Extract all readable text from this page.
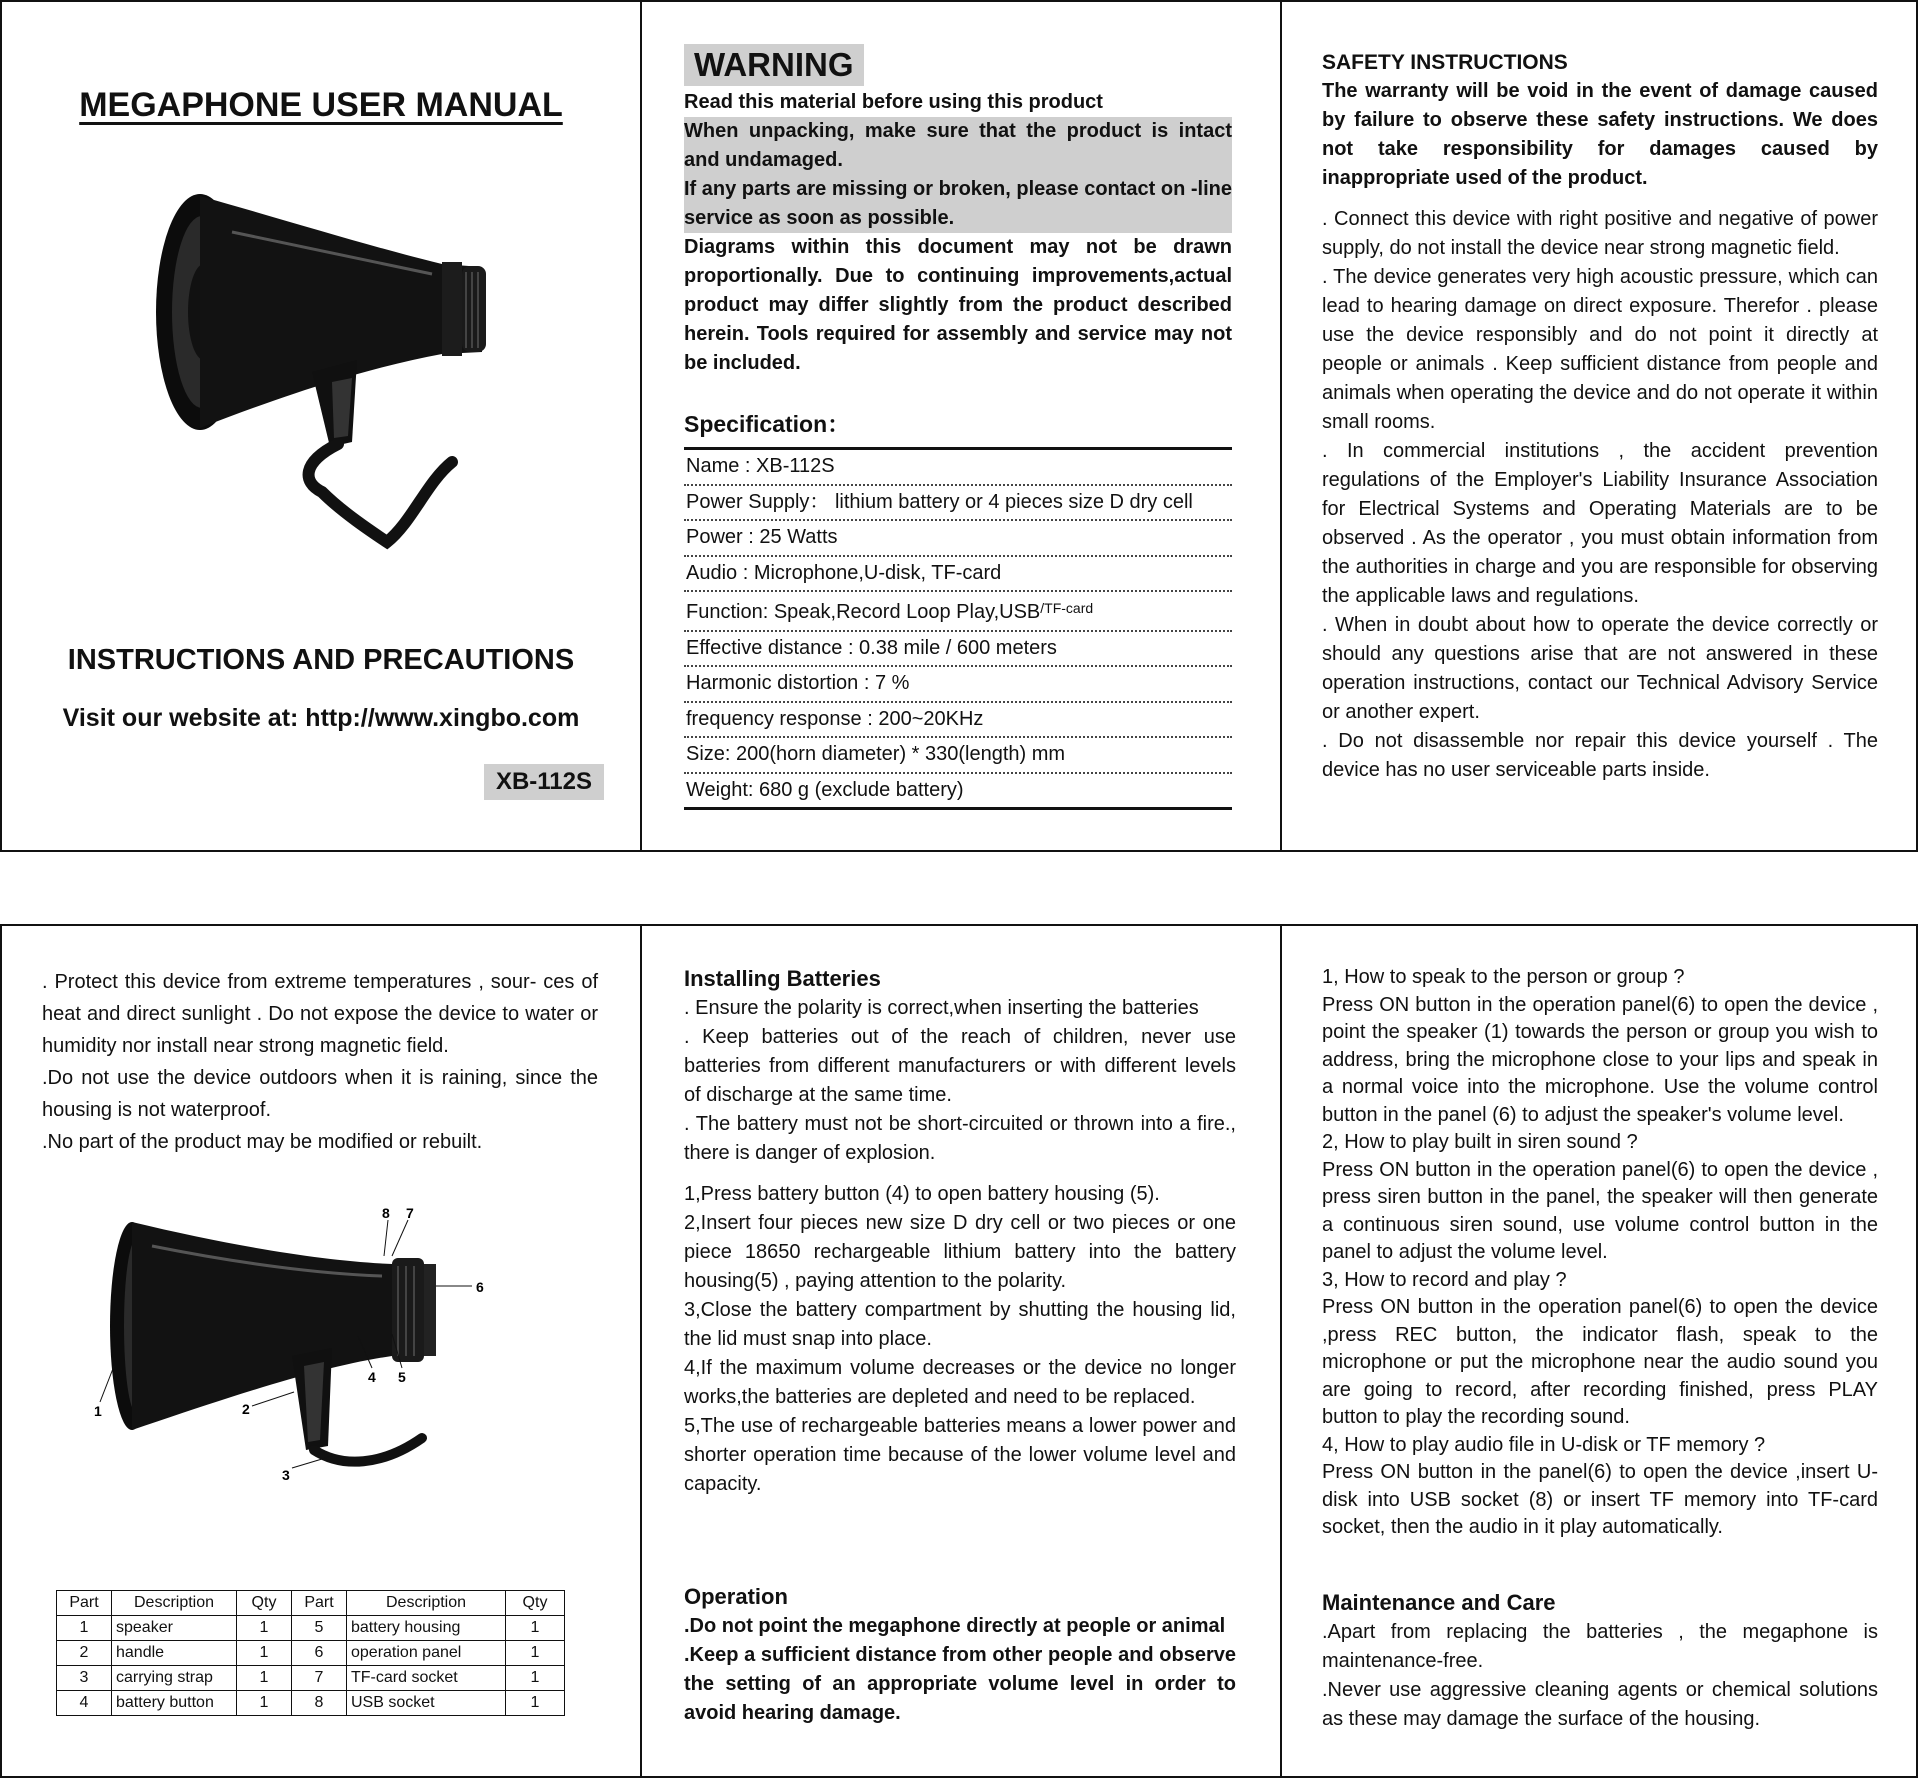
MEGAPHONE USER MANUAL
INSTRUCTIONS AND PRECAUTIONS
Visit our website at: http://www.xingbo.com
XB-112S
WARNING
Read this material before using this product
When unpacking, make sure that the product is intact and undamaged.
If any parts are missing or broken, please contact on -line service as soon as possible.
Diagrams within this document may not be drawn proportionally. Due to continuing improvements,actual product may differ slightly from the product described herein. Tools required for assembly and service may not be included.
Specification：
Name : XB-112S
Power Supply： lithium battery or 4 pieces size D dry cell
Power : 25 Watts
Audio : Microphone,U-disk, TF-card
Function: Speak,Record Loop $Play,USB^{/TF-card}$
Effective distance : 0.38 mile / 600 meters
Harmonic distortion : 7 %
frequency response : 200~20KHz
Size: 200(horn diameter) * 330(length) mm
Weight: 680 g (exclude battery)
SAFETY INSTRUCTIONS
The warranty will be void in the event of damage caused by failure to observe these safety instructions. We does not take responsibility for damages caused by inappropriate used of the product.

. Connect this device with right positive and negative of power supply, do not install the device near strong magnetic field.

. The device generates very high acoustic pressure, which can lead to hearing damage on direct exposure. Therefor . please use the device responsibly and do not point it directly at people or animals . Keep sufficient distance from people and animals when operating the device and do not operate it within small rooms.

. In commercial institutions , the accident prevention regulations of the Employer's Liability Insurance Association for Electrical Systems and Operating Materials are to be observed . As the operator , you must obtain information from the authorities in charge and you are responsible for observing the applicable laws and regulations.

. When in doubt about how to operate the device correctly or should any questions arise that are not answered in these operation instructions, contact our Technical Advisory Service or another expert.

. Do not disassemble nor repair this device yourself . The device has no user serviceable parts inside.

. Protect this device from extreme temperatures , sour- ces of heat and direct sunlight . Do not expose the device to water or humidity nor install near strong magnetic field.

.Do not use the device outdoors when it is raining, since the housing is not waterproof.

.No part of the product may be modified or rebuilt.

1	2
3
4 5
6
7
8
Part	Description	Qty	Part	Description	Qty
1	speaker	1	5	battery housing	1
2	handle	1	6	operation panel	1
3	carrying strap	1	7	TF-card socket	1
4	battery button	1	8	USB socket	1
Installing Batteries

. Ensure the polarity is correct,when inserting the batteries

. Keep batteries out of the reach of children, never use batteries from different manufacturers or with different levels of discharge at the same time.

. The battery must not be short-circuited or thrown into a fire., there is danger of explosion.

1,Press battery button (4) to open battery housing (5).

2,Insert four pieces new size D dry cell or two pieces or one piece 18650 rechargeable lithium battery into the battery housing(5) , paying attention to the polarity.

3,Close the battery compartment by shutting the housing lid, the lid must snap into place.

4,If the maximum volume decreases or the device no longer works,the batteries are depleted and need to be replaced.

5,The use of rechargeable batteries means a lower power and shorter operation time because of the lower volume level and capacity.

Operation

.Do not point the megaphone directly at people or animal

.Keep a sufficient distance from other people and observe the setting of an appropriate volume level in order to avoid hearing damage.

1, How to speak to the person or group ?

Press ON button in the operation panel(6) to open the device , point the speaker (1) towards the person or group you wish to address, bring the microphone close to your lips and speak in a normal voice into the microphone. Use the volume control button in the panel (6) to adjust the speaker's volume level.

2, How to play built in siren sound ?

Press ON button in the operation panel(6) to open the device , press siren button in the panel, the speaker will then generate a continuous siren sound, use volume control button in the panel to adjust the volume level.

3, How to record and play ?

Press ON button in the operation panel(6) to open the device ,press REC button, the indicator flash, speak to the microphone or put the microphone near the audio sound you are going to record, after recording finished, press PLAY button to play the recording sound.

4, How to play audio file in U-disk or TF memory ?

Press ON button in the panel(6) to open the device ,insert U-disk into USB socket (8) or insert TF memory into TF-card socket, then the audio in it play automatically.

Maintenance and Care

.Apart from replacing the batteries , the megaphone is maintenance-free.

.Never use aggressive cleaning agents or chemical solutions as these may damage the surface of the housing.
